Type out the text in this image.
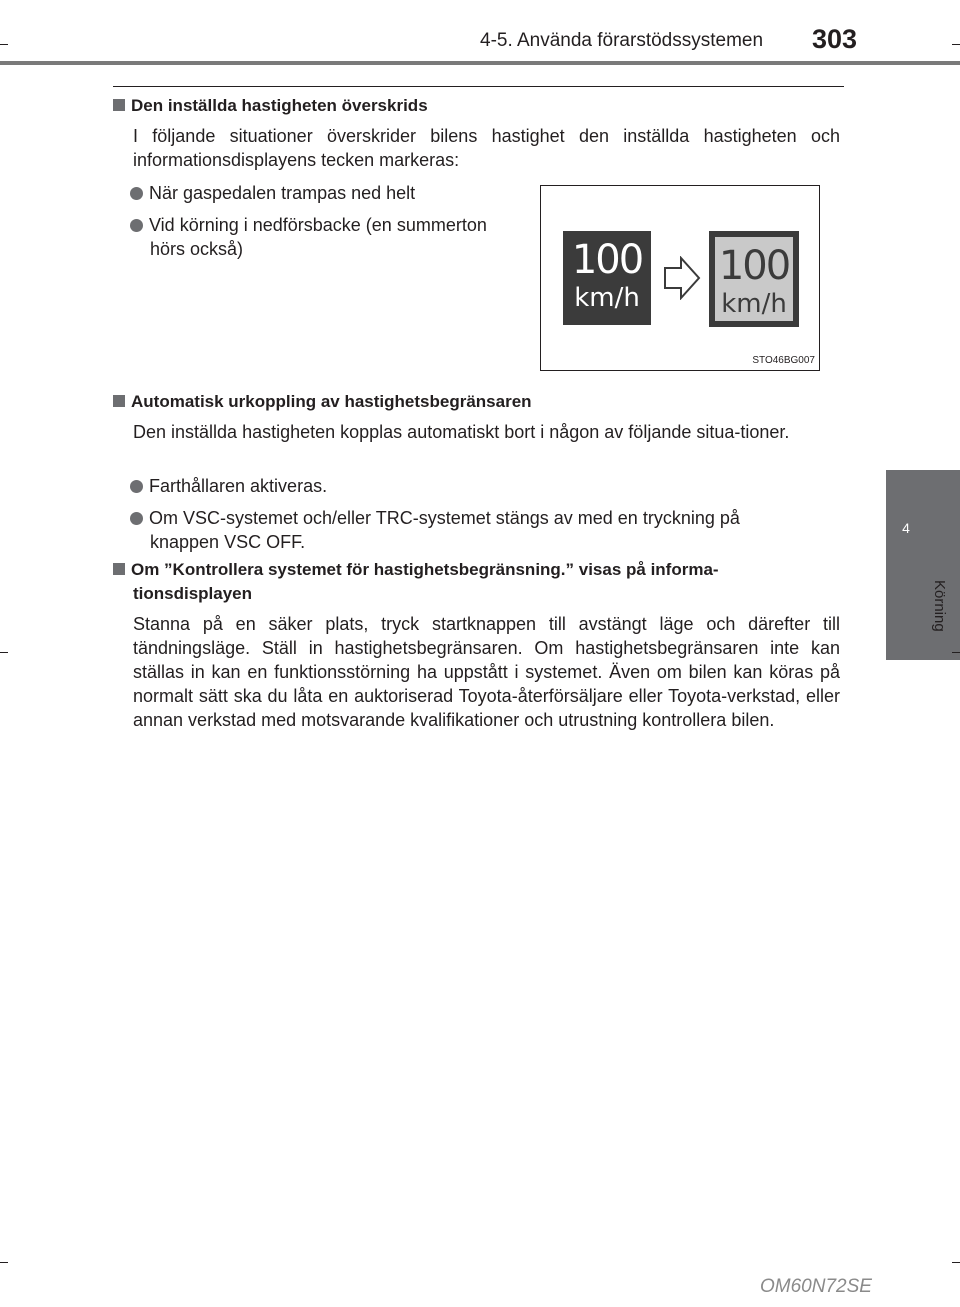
4-5. Använda förarstödssystemen 303
4
Körning
Den inställda hastigheten överskrids
I följande situationer överskrider bilens hastighet den inställda hastigheten och informationsdisplayens tecken markeras:
När gaspedalen trampas ned helt
Vid körning i nedförsbacke (en summerton
hörs också)	100
km/h
100
km/h
STO46BG007
Automatisk urkoppling av hastighetsbegränsaren
Den inställda hastigheten kopplas automatiskt bort i någon av följande situa-tioner.
Farthållaren aktiveras.
Om VSC-systemet och/eller TRC-systemet stängs av med en tryckning på
knappen VSC OFF.
Om ”Kontrollera systemet för hastighetsbegränsning.” visas på informa-
tionsdisplayen
Stanna på en säker plats, tryck startknappen till avstängt läge och därefter till tändningsläge. Ställ in hastighetsbegränsaren. Om hastighetsbegränsaren inte kan ställas in kan en funktionsstörning ha uppstått i systemet. Även om bilen kan köras på normalt sätt ska du låta en auktoriserad Toyota-återförsäljare eller Toyota-verkstad, eller annan verkstad med motsvarande kvalifikationer och utrustning kontrollera bilen.
OM60N72SE
